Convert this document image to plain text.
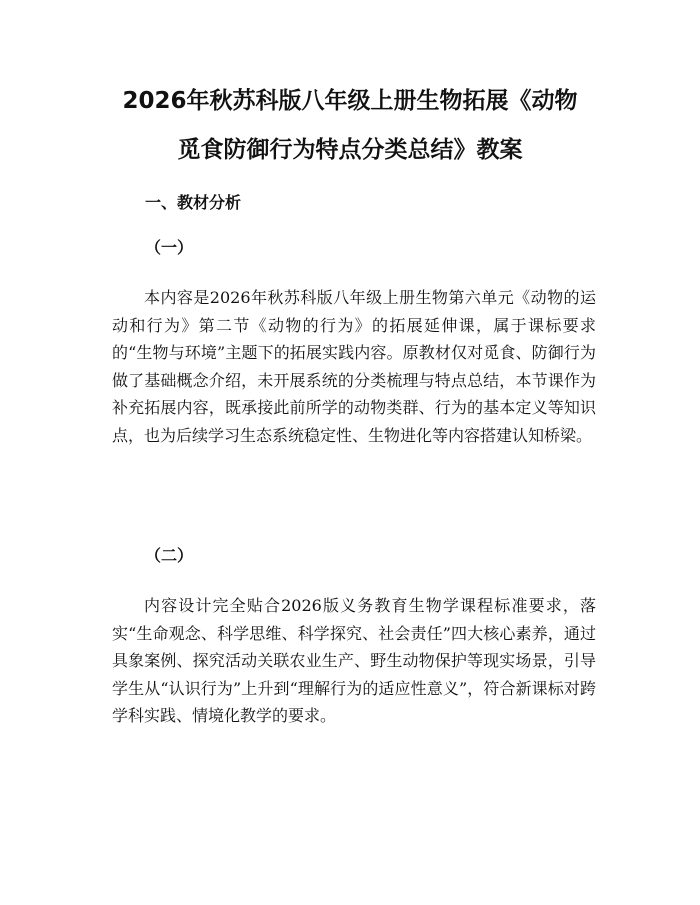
2026年秋苏科版八年级上册生物拓展《动物
觅食防御行为特点分类总结》教案
一、教材分析
（一）

本内容是2026年秋苏科版八年级上册生物第六单元《动物的运动和行为》第二节《动物的行为》的拓展延伸课，属于课标要求的“生物与环境”主题下的拓展实践内容。原教材仅对觅食、防御行为做了基础概念介绍，未开展系统的分类梳理与特点总结，本节课作为补充拓展内容，既承接此前所学的动物类群、行为的基本定义等知识点，也为后续学习生态系统稳定性、生物进化等内容搭建认知桥梁。

（二）

内容设计完全贴合2026版义务教育生物学课程标准要求，落实“生命观念、科学思维、科学探究、社会责任”四大核心素养，通过具象案例、探究活动关联农业生产、野生动物保护等现实场景，引导学生从“认识行为”上升到“理解行为的适应性意义”，符合新课标对跨学科实践、情境化教学的要求。
